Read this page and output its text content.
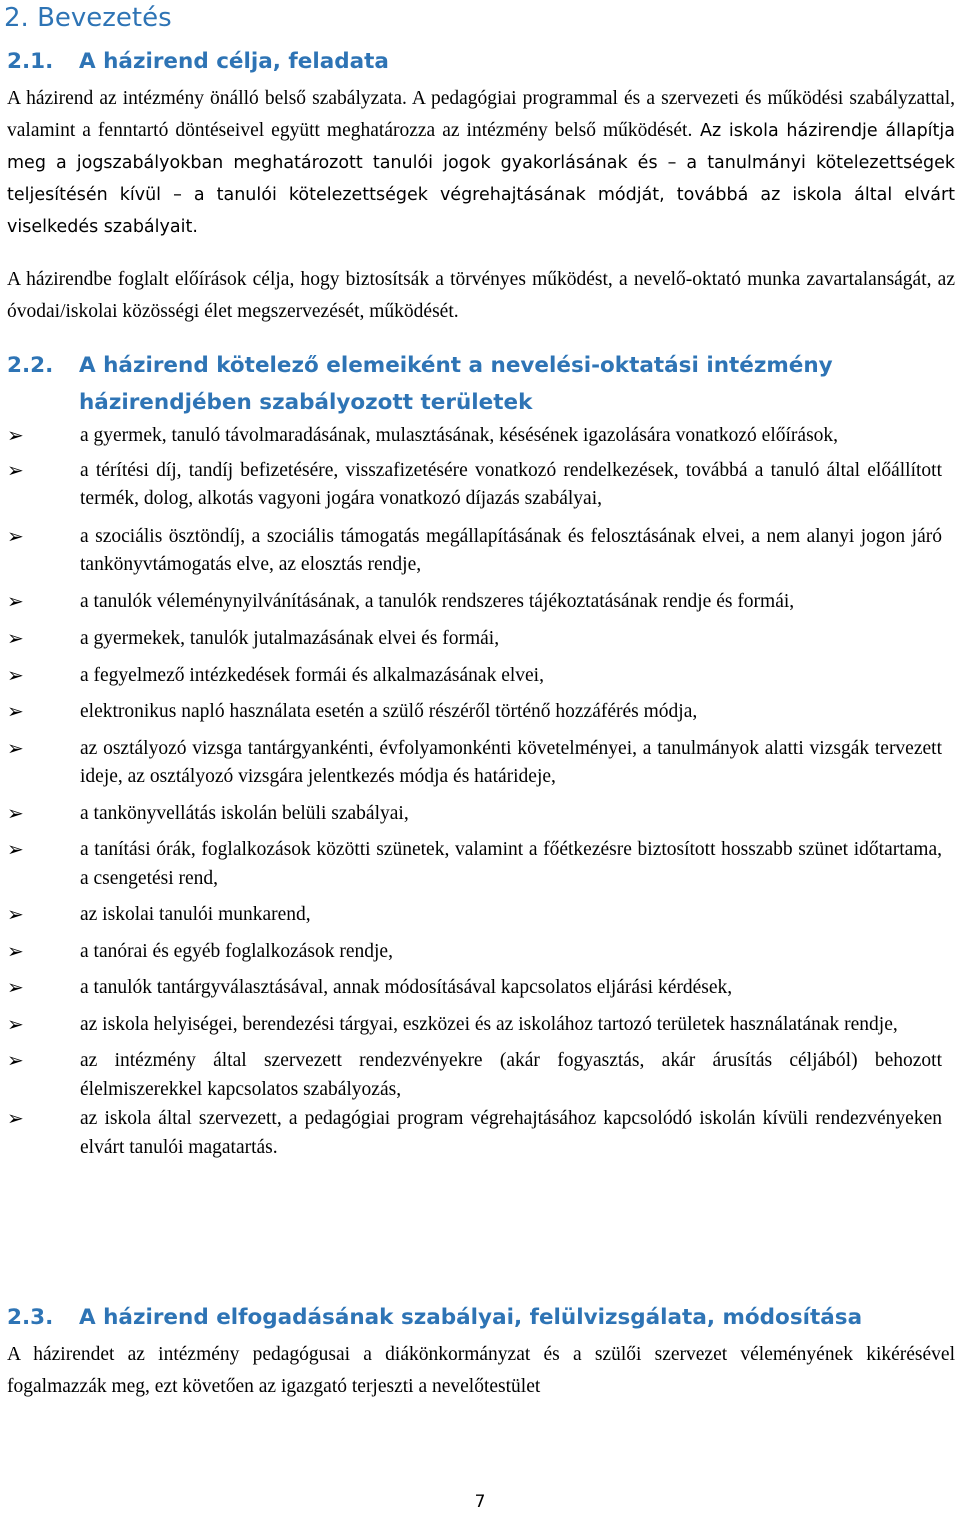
2. Bevezetés
2.1. A házirend célja, feladata

A házirend az intézmény önálló belső szabályzata. A pedagógiai programmal és a szervezeti és működési szabályzattal, valamint a fenntartó döntéseivel együtt meghatározza az intézmény belső működését. Az iskola házirendje állapítja meg a jogszabályokban meghatározott tanulói jogok gyakorlásának és – a tanulmányi kötelezettségek teljesítésén kívül – a tanulói kötelezettségek végrehajtásának módját, továbbá az iskola által elvárt viselkedés szabályait.

A házirendbe foglalt előírások célja, hogy biztosítsák a törvényes működést, a nevelő-oktató munka zavartalanságát, az óvodai/iskolai közösségi élet megszervezését, működését.

2.2. A házirend kötelező elemeiként a nevelési-oktatási intézmény
házirendjében szabályozott területek
➢	a gyermek, tanuló távolmaradásának, mulasztásának, késésének igazolására vonatkozó előírások,
➢	a térítési díj, tandíj befizetésére, visszafizetésére vonatkozó rendelkezések, továbbá a tanuló által előállított termék, dolog, alkotás vagyoni jogára vonatkozó díjazás szabályai,
➢	a szociális ösztöndíj, a szociális támogatás megállapításának és felosztásának elvei, a nem alanyi jogon járó tankönyvtámogatás elve, az elosztás rendje,
➢	a tanulók véleménynyilvánításának, a tanulók rendszeres tájékoztatásának rendje és formái,
➢	a gyermekek, tanulók jutalmazásának elvei és formái,
➢	a fegyelmező intézkedések formái és alkalmazásának elvei,
➢	elektronikus napló használata esetén a szülő részéről történő hozzáférés módja,
➢	az osztályozó vizsga tantárgyankénti, évfolyamonkénti követelményei, a tanulmányok alatti vizsgák tervezett ideje, az osztályozó vizsgára jelentkezés módja és határideje,
➢	a tankönyvellátás iskolán belüli szabályai,
➢	a tanítási órák, foglalkozások közötti szünetek, valamint a főétkezésre biztosított hosszabb szünet időtartama, a csengetési rend,
➢	az iskolai tanulói munkarend,
➢	a tanórai és egyéb foglalkozások rendje,
➢	a tanulók tantárgyválasztásával, annak módosításával kapcsolatos eljárási kérdések,
➢	az iskola helyiségei, berendezési tárgyai, eszközei és az iskolához tartozó területek használatának rendje,
➢	az intézmény által szervezett rendezvényekre (akár fogyasztás, akár árusítás céljából) behozott élelmiszerekkel kapcsolatos szabályozás,
➢	az iskola által szervezett, a pedagógiai program végrehajtásához kapcsolódó iskolán kívüli rendezvényeken elvárt tanulói magatartás.
2.3. A házirend elfogadásának szabályai, felülvizsgálata, módosítása

A házirendet az intézmény pedagógusai a diákönkormányzat és a szülői szervezet véleményének kikérésével fogalmazzák meg, ezt követően az igazgató terjeszti a nevelőtestület

7
